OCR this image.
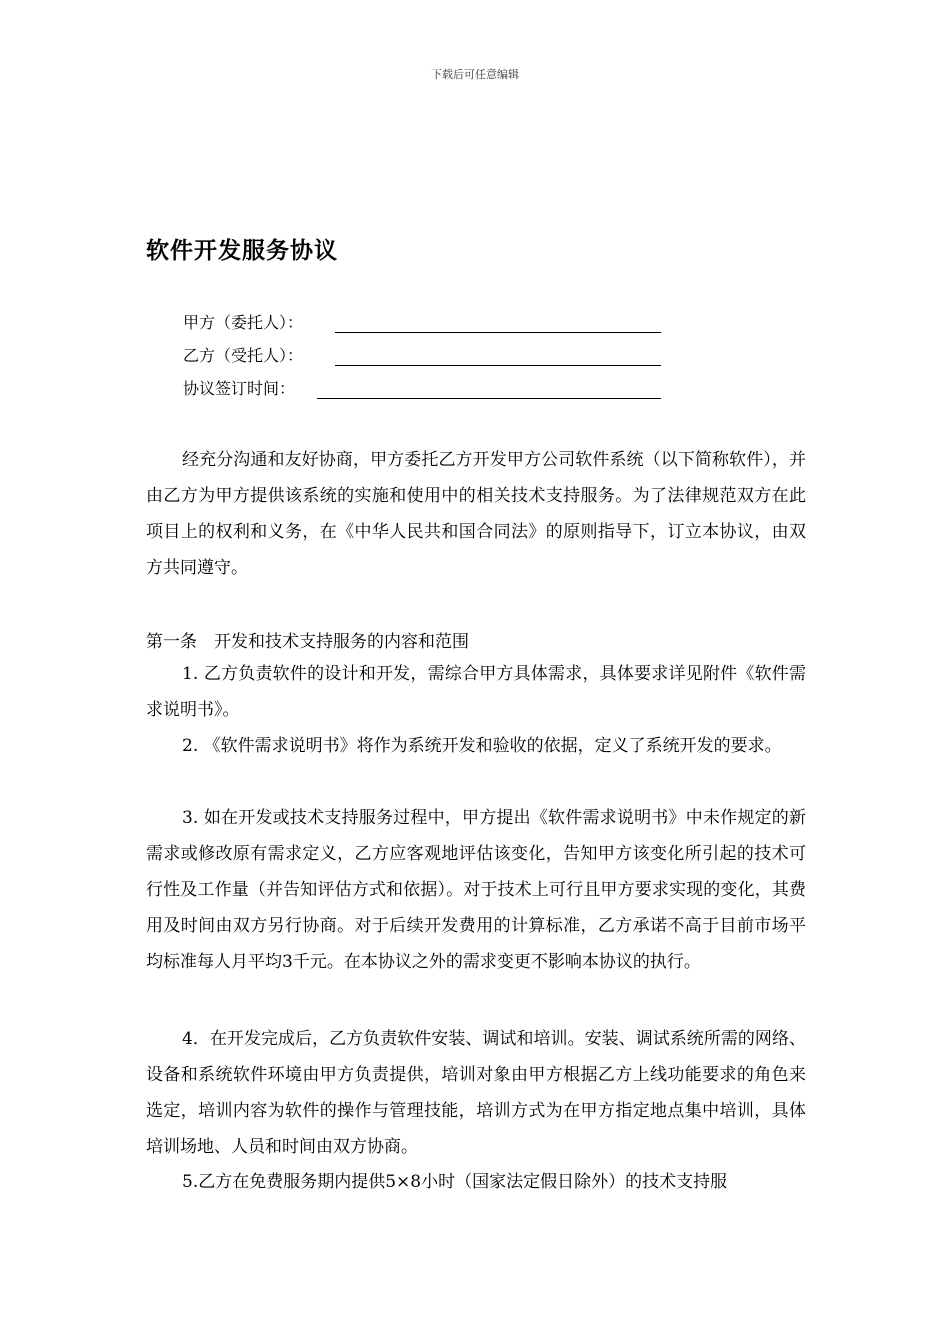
下载后可任意编辑
软件开发服务协议
甲方（委托人）：
乙方（受托人）：
协议签订时间：
经充分沟通和友好协商，甲方委托乙方开发甲方公司软件系统（以下简称软件），并由乙方为甲方提供该系统的实施和使用中的相关技术支持服务。为了法律规范双方在此项目上的权利和义务，在《中华人民共和国合同法》的原则指导下，订立本协议，由双方共同遵守。
第一条　开发和技术支持服务的内容和范围
1. 乙方负责软件的设计和开发，需综合甲方具体需求，具体要求详见附件《软件需求说明书》。
2. 《软件需求说明书》将作为系统开发和验收的依据，定义了系统开发的要求。
3. 如在开发或技术支持服务过程中，甲方提出《软件需求说明书》中未作规定的新需求或修改原有需求定义，乙方应客观地评估该变化，告知甲方该变化所引起的技术可行性及工作量（并告知评估方式和依据）。对于技术上可行且甲方要求实现的变化，其费用及时间由双方另行协商。对于后续开发费用的计算标准，乙方承诺不高于目前市场平均标准每人月平均3千元。在本协议之外的需求变更不影响本协议的执行。
4．在开发完成后，乙方负责软件安装、调试和培训。安装、调试系统所需的网络、设备和系统软件环境由甲方负责提供，培训对象由甲方根据乙方上线功能要求的角色来选定，培训内容为软件的操作与管理技能，培训方式为在甲方指定地点集中培训，具体培训场地、人员和时间由双方协商。
5.乙方在免费服务期内提供5×8小时（国家法定假日除外）的技术支持服
